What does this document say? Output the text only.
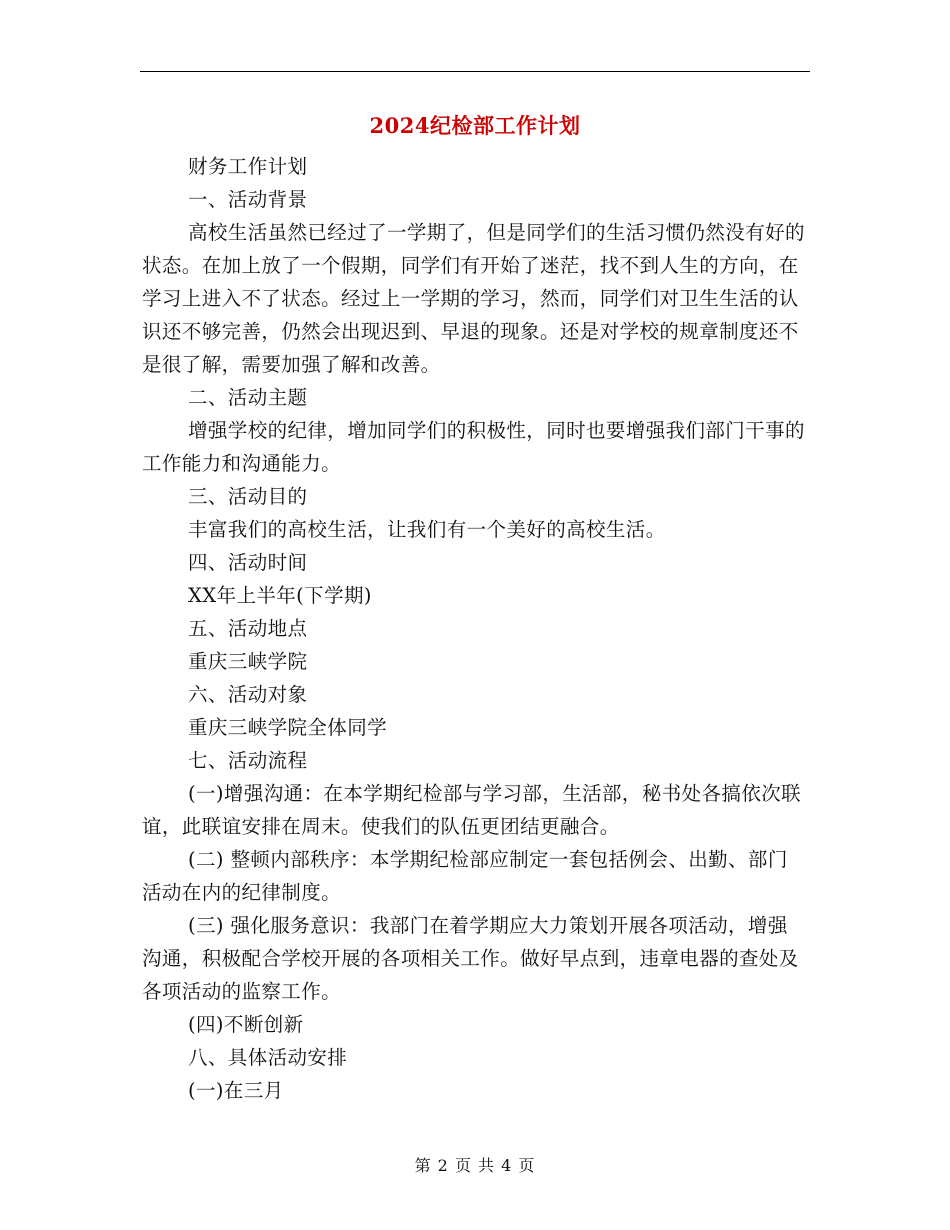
2024纪检部工作计划

财务工作计划

一、活动背景

高校生活虽然已经过了一学期了，但是同学们的生活习惯仍然没有好的状态。在加上放了一个假期，同学们有开始了迷茫，找不到人生的方向，在学习上进入不了状态。经过上一学期的学习，然而，同学们对卫生生活的认识还不够完善，仍然会出现迟到、早退的现象。还是对学校的规章制度还不是很了解，需要加强了解和改善。

二、活动主题

增强学校的纪律，增加同学们的积极性，同时也要增强我们部门干事的工作能力和沟通能力。

三、活动目的

丰富我们的高校生活，让我们有一个美好的高校生活。

四、活动时间

XX年上半年(下学期)

五、活动地点

重庆三峡学院

六、活动对象

重庆三峡学院全体同学

七、活动流程

(一)增强沟通：在本学期纪检部与学习部，生活部，秘书处各搞依次联谊，此联谊安排在周末。使我们的队伍更团结更融合。

(二) 整顿内部秩序：本学期纪检部应制定一套包括例会、出勤、部门活动在内的纪律制度。

(三) 强化服务意识：我部门在着学期应大力策划开展各项活动，增强沟通，积极配合学校开展的各项相关工作。做好早点到，违章电器的查处及各项活动的监察工作。

(四)不断创新

八、具体活动安排

(一)在三月

第 2 页 共 4 页
